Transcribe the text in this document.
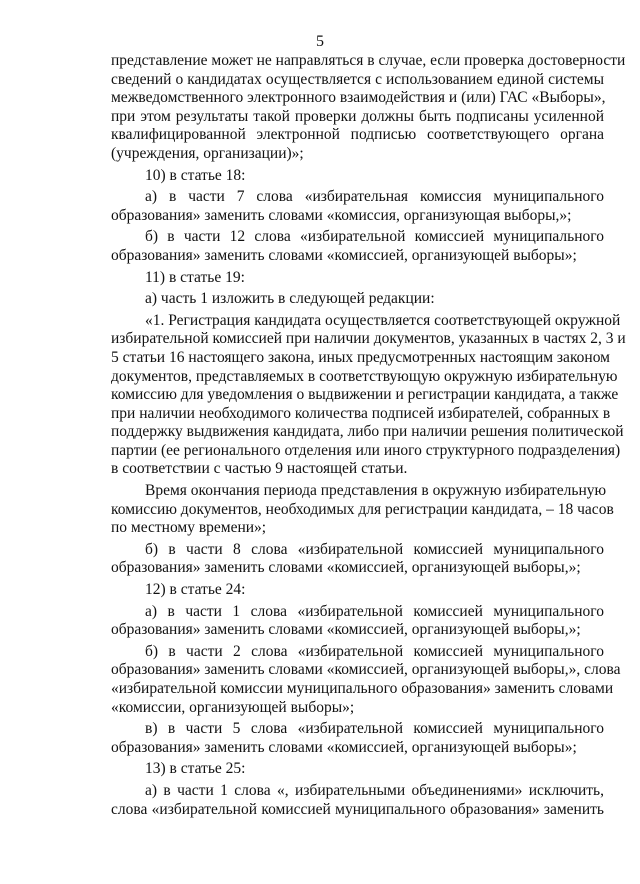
5
представление может не направляться в случае, если проверка достоверности
сведений о кандидатах осуществляется с использованием единой системы
межведомственного электронного взаимодействия и (или) ГАС «Выборы»,
при этом результаты такой проверки должны быть подписаны усиленной
квалифицированной электронной подписью соответствующего органа
(учреждения, организации)»;
10) в статье 18:
а) в части 7 слова «избирательная комиссия муниципального
образования» заменить словами «комиссия, организующая выборы,»;
б) в части 12 слова «избирательной комиссией муниципального
образования» заменить словами «комиссией, организующей выборы»;
11) в статье 19:
а) часть 1 изложить в следующей редакции:
«1. Регистрация кандидата осуществляется соответствующей окружной
избирательной комиссией при наличии документов, указанных в частях 2, 3 и
5 статьи 16 настоящего закона, иных предусмотренных настоящим законом
документов, представляемых в соответствующую окружную избирательную
комиссию для уведомления о выдвижении и регистрации кандидата, а также
при наличии необходимого количества подписей избирателей, собранных в
поддержку выдвижения кандидата, либо при наличии решения политической
партии (ее регионального отделения или иного структурного подразделения)
в соответствии с частью 9 настоящей статьи.
Время окончания периода представления в окружную избирательную
комиссию документов, необходимых для регистрации кандидата, – 18 часов
по местному времени»;
б) в части 8 слова «избирательной комиссией муниципального
образования» заменить словами «комиссией, организующей выборы,»;
12) в статье 24:
а) в части 1 слова «избирательной комиссией муниципального
образования» заменить словами «комиссией, организующей выборы,»;
б) в части 2 слова «избирательной комиссией муниципального
образования» заменить словами «комиссией, организующей выборы,», слова
«избирательной комиссии муниципального образования» заменить словами
«комиссии, организующей выборы»;
в) в части 5 слова «избирательной комиссией муниципального
образования» заменить словами «комиссией, организующей выборы»;
13) в статье 25:
а) в части 1 слова «, избирательными объединениями» исключить,
слова «избирательной комиссией муниципального образования» заменить
